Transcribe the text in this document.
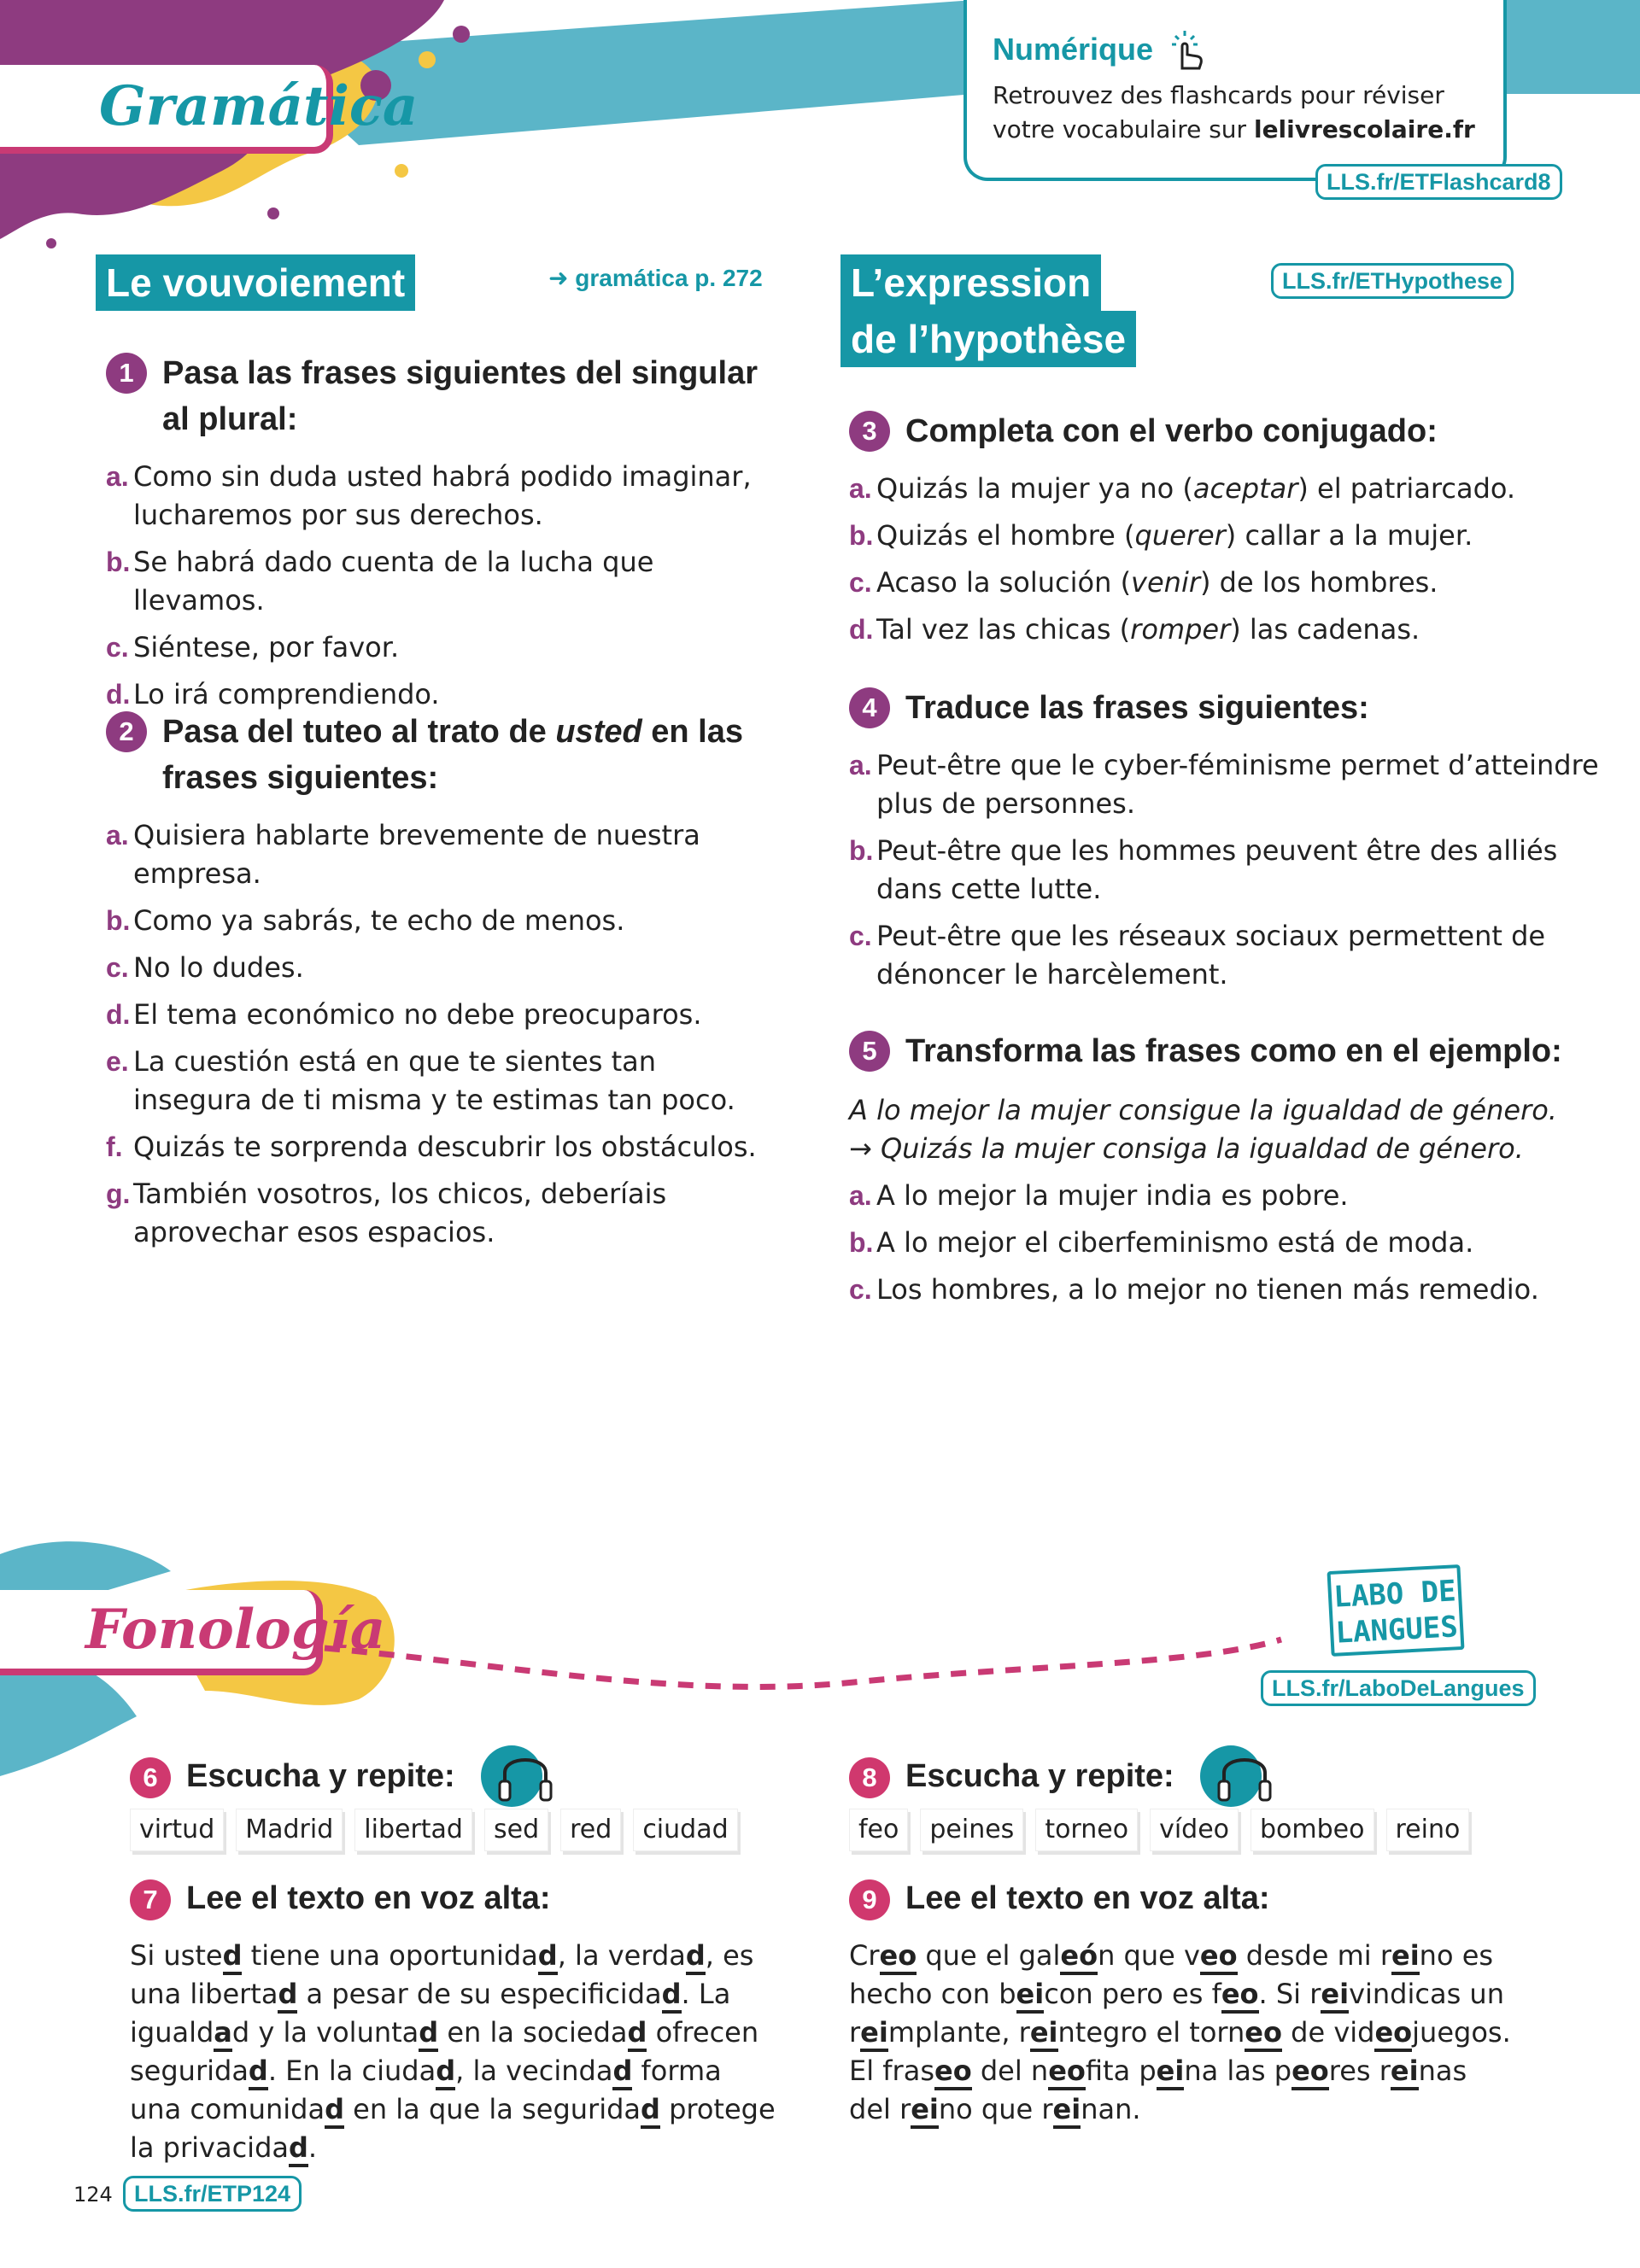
Gramática
Numérique
Retrouvez des flashcards pour réviser votre vocabulaire sur lelivrescolaire.fr
LLS.fr/ETFlashcard8
Le vouvoiement	➜ gramática p. 272
1 Pasa las frases siguientes del singular al plural:
a. Como sin duda usted habrá podido imaginar, lucharemos por sus derechos.
b. Se habrá dado cuenta de la lucha que llevamos.
c. Siéntese, por favor.
d. Lo irá comprendiendo.
2 Pasa del tuteo al trato de usted en las frases siguientes:
a. Quisiera hablarte brevemente de nuestra empresa.
b. Como ya sabrás, te echo de menos.
c. No lo dudes.
d. El tema económico no debe preocuparos.
e. La cuestión está en que te sientes tan insegura de ti misma y te estimas tan poco.
f. Quizás te sorprenda descubrir los obstáculos.
g. También vosotros, los chicos, deberíais aprovechar esos espacios.
L’expression
de l’hypothèse
LLS.fr/ETHypothese
3 Completa con el verbo conjugado:
a. Quizás la mujer ya no (aceptar) el patriarcado.
b. Quizás el hombre (querer) callar a la mujer.
c. Acaso la solución (venir) de los hombres.
d. Tal vez las chicas (romper) las cadenas.
4 Traduce las frases siguientes:
a. Peut-être que le cyber-féminisme permet d’atteindre plus de personnes.
b. Peut-être que les hommes peuvent être des alliés dans cette lutte.
c. Peut-être que les réseaux sociaux permettent de dénoncer le harcèlement.
5 Transforma las frases como en el ejemplo:
A lo mejor la mujer consigue la igualdad de género.
→ Quizás la mujer consiga la igualdad de género.
a. A lo mejor la mujer india es pobre.
b. A lo mejor el ciberfeminismo está de moda.
c. Los hombres, a lo mejor no tienen más remedio.
Fonología
LABO DE
LANGUES
LLS.fr/LaboDeLangues
6 Escucha y repite:
virtud	Madrid	libertad	sed	red	ciudad
7 Lee el texto en voz alta:
Si usted tiene una oportunidad, la verdad, es una libertad a pesar de su especificidad. La igualdad y la voluntad en la sociedad ofrecen seguridad. En la ciudad, la vecindad forma una comunidad en la que la seguridad protege la privacidad.
8 Escucha y repite:
feo	peines	torneo	vídeo	bombeo	reino
9 Lee el texto en voz alta:
Creo que el galeón que veo desde mi reino es hecho con beicon pero es feo. Si reivindicas un reimplante, reintegro el torneo de videojuegos. El fraseo del neofita peina las peores reinas del reino que reinan.
124 LLS.fr/ETP124
